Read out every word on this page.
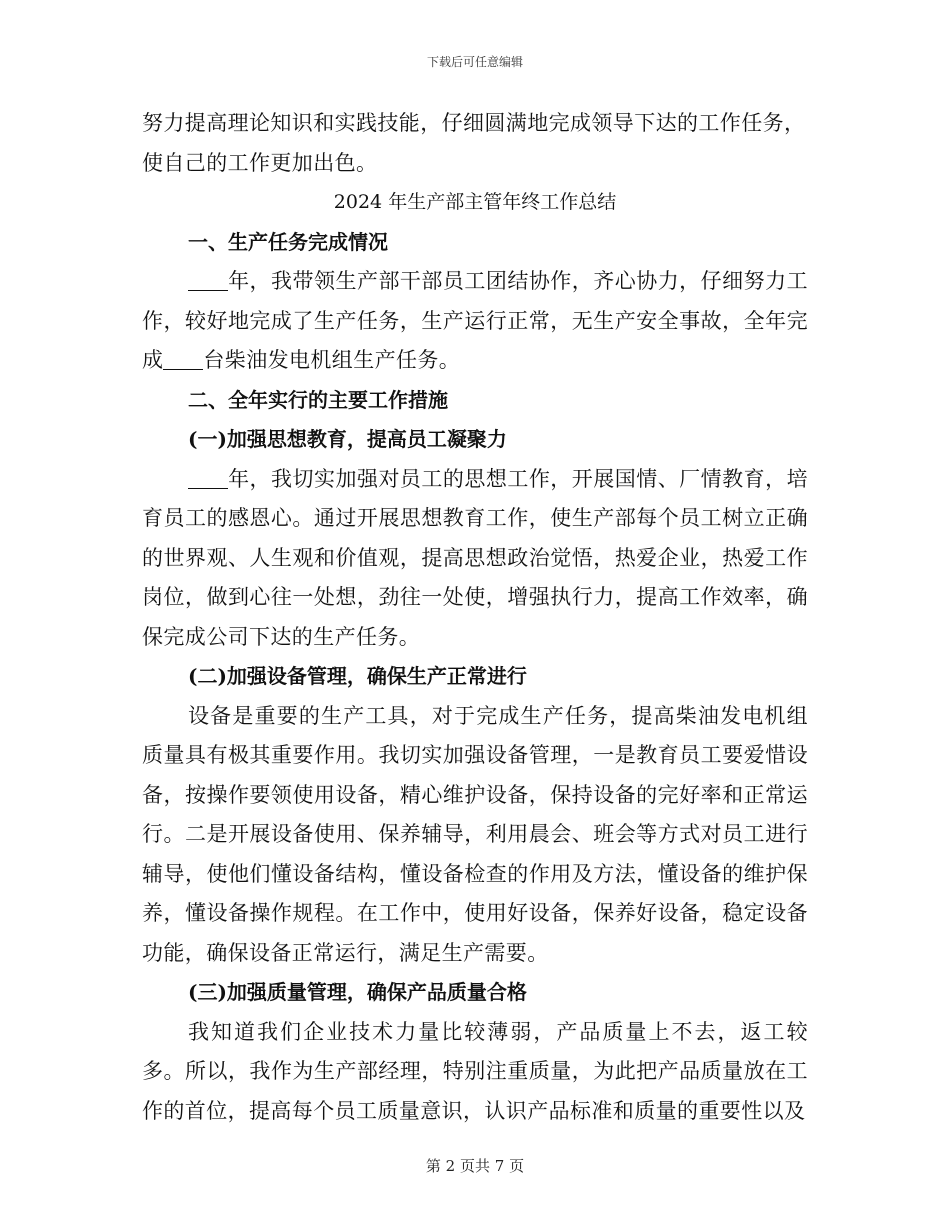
下载后可任意编辑

努力提高理论知识和实践技能，仔细圆满地完成领导下达的工作任务，
使自己的工作更加出色。

2024 年生产部主管年终工作总结

一、生产任务完成情况

年，我带领生产部干部员工团结协作，齐心协力，仔细努力工作，较好地完成了生产任务，生产运行正常，无生产安全事故，全年完成 台柴油发电机组生产任务。

二、全年实行的主要工作措施

(一)加强思想教育，提高员工凝聚力

年，我切实加强对员工的思想工作，开展国情、厂情教育，培育员工的感恩心。通过开展思想教育工作，使生产部每个员工树立正确的世界观、人生观和价值观，提高思想政治觉悟，热爱企业，热爱工作岗位，做到心往一处想，劲往一处使，增强执行力，提高工作效率，确保完成公司下达的生产任务。

(二)加强设备管理，确保生产正常进行

设备是重要的生产工具，对于完成生产任务，提高柴油发电机组质量具有极其重要作用。我切实加强设备管理，一是教育员工要爱惜设备，按操作要领使用设备，精心维护设备，保持设备的完好率和正常运行。二是开展设备使用、保养辅导，利用晨会、班会等方式对员工进行辅导，使他们懂设备结构，懂设备检查的作用及方法，懂设备的维护保养，懂设备操作规程。在工作中，使用好设备，保养好设备，稳定设备功能，确保设备正常运行，满足生产需要。

(三)加强质量管理，确保产品质量合格

我知道我们企业技术力量比较薄弱，产品质量上不去，返工较多。所以，我作为生产部经理，特别注重质量，为此把产品质量放在工作的首位，提高每个员工质量意识，认识产品标准和质量的重要性以及

第 2 页共 7 页
